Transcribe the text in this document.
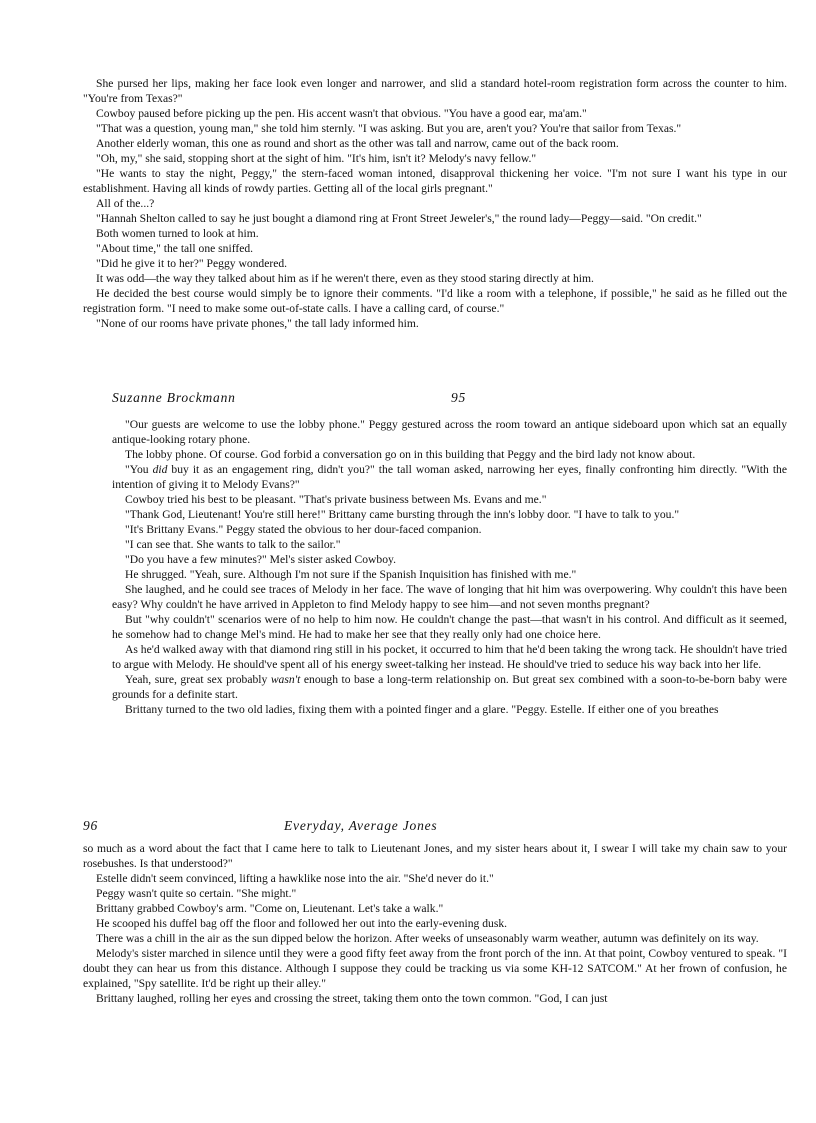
She pursed her lips, making her face look even longer and narrower, and slid a standard hotel-room registration form across the counter to him. "You're from Texas?"

Cowboy paused before picking up the pen. His accent wasn't that obvious. "You have a good ear, ma'am."

"That was a question, young man," she told him sternly. "I was asking. But you are, aren't you? You're that sailor from Texas."

Another elderly woman, this one as round and short as the other was tall and narrow, came out of the back room.

"Oh, my," she said, stopping short at the sight of him. "It's him, isn't it? Melody's navy fellow."

"He wants to stay the night, Peggy," the stern-faced woman intoned, disapproval thickening her voice. "I'm not sure I want his type in our establishment. Having all kinds of rowdy parties. Getting all of the local girls pregnant."

All of the...?

"Hannah Shelton called to say he just bought a diamond ring at Front Street Jeweler's," the round lady—Peggy—said. "On credit."

Both women turned to look at him.

"About time," the tall one sniffed.

"Did he give it to her?" Peggy wondered.

It was odd—the way they talked about him as if he weren't there, even as they stood staring directly at him.

He decided the best course would simply be to ignore their comments. "I'd like a room with a telephone, if possible," he said as he filled out the registration form. "I need to make some out-of-state calls. I have a calling card, of course."

"None of our rooms have private phones," the tall lady informed him.

Suzanne Brockmann	95

"Our guests are welcome to use the lobby phone." Peggy gestured across the room toward an antique sideboard upon which sat an equally antique-looking rotary phone.

The lobby phone. Of course. God forbid a conversation go on in this building that Peggy and the bird lady not know about.

"You did buy it as an engagement ring, didn't you?" the tall woman asked, narrowing her eyes, finally confronting him directly. "With the intention of giving it to Melody Evans?"

Cowboy tried his best to be pleasant. "That's private business between Ms. Evans and me."

"Thank God, Lieutenant! You're still here!" Brittany came bursting through the inn's lobby door. "I have to talk to you."

"It's Brittany Evans." Peggy stated the obvious to her dour-faced companion.

"I can see that. She wants to talk to the sailor."

"Do you have a few minutes?" Mel's sister asked Cowboy.

He shrugged. "Yeah, sure. Although I'm not sure if the Spanish Inquisition has finished with me."

She laughed, and he could see traces of Melody in her face. The wave of longing that hit him was overpowering. Why couldn't this have been easy? Why couldn't he have arrived in Appleton to find Melody happy to see him—and not seven months pregnant?

But "why couldn't" scenarios were of no help to him now. He couldn't change the past—that wasn't in his control. And difficult as it seemed, he somehow had to change Mel's mind. He had to make her see that they really only had one choice here.

As he'd walked away with that diamond ring still in his pocket, it occurred to him that he'd been taking the wrong tack. He shouldn't have tried to argue with Melody. He should've spent all of his energy sweet-talking her instead. He should've tried to seduce his way back into her life.

Yeah, sure, great sex probably wasn't enough to base a long-term relationship on. But great sex combined with a soon-to-be-born baby were grounds for a definite start.

Brittany turned to the two old ladies, fixing them with a pointed finger and a glare. "Peggy. Estelle. If either one of you breathes

96	Everyday, Average Jones

so much as a word about the fact that I came here to talk to Lieutenant Jones, and my sister hears about it, I swear I will take my chain saw to your rosebushes. Is that understood?"

Estelle didn't seem convinced, lifting a hawklike nose into the air. "She'd never do it."

Peggy wasn't quite so certain. "She might."

Brittany grabbed Cowboy's arm. "Come on, Lieutenant. Let's take a walk."

He scooped his duffel bag off the floor and followed her out into the early-evening dusk.

There was a chill in the air as the sun dipped below the horizon. After weeks of unseasonably warm weather, autumn was definitely on its way.

Melody's sister marched in silence until they were a good fifty feet away from the front porch of the inn. At that point, Cowboy ventured to speak. "I doubt they can hear us from this distance. Although I suppose they could be tracking us via some KH-12 SATCOM." At her frown of confusion, he explained, "Spy satellite. It'd be right up their alley."

Brittany laughed, rolling her eyes and crossing the street, taking them onto the town common. "God, I can just
